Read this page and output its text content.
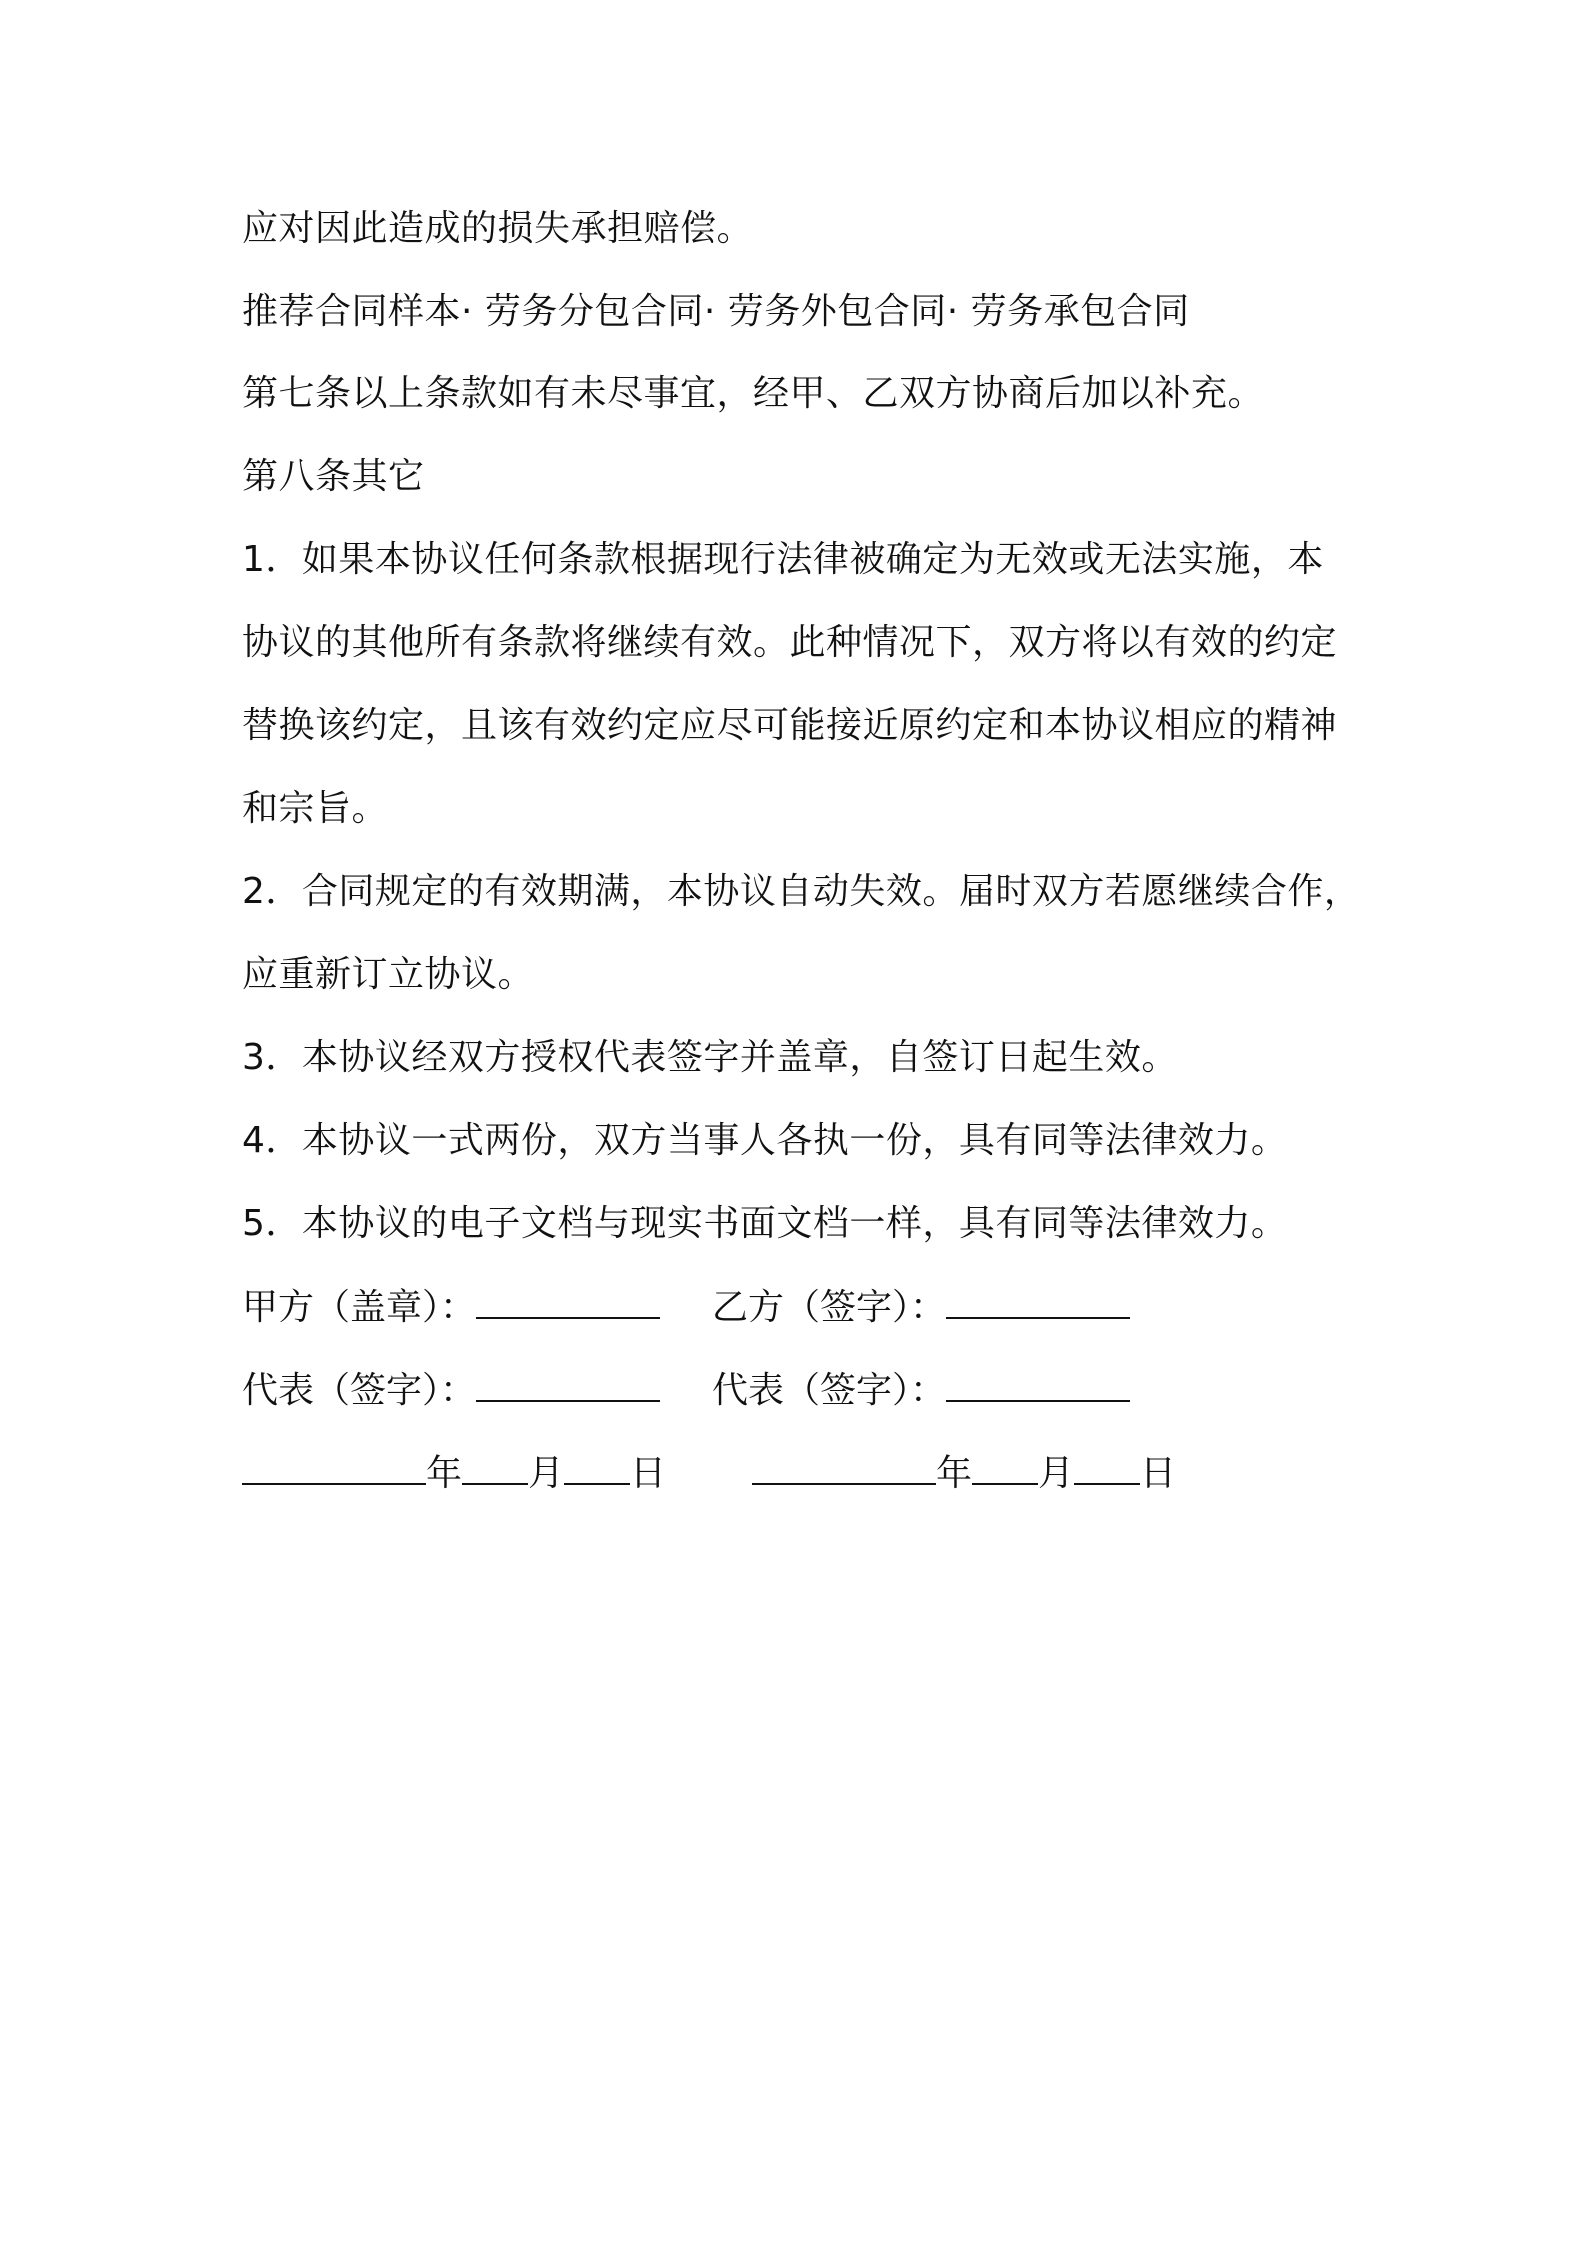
应对因此造成的损失承担赔偿。
推荐合同样本· 劳务分包合同· 劳务外包合同· 劳务承包合同
第七条以上条款如有未尽事宜，经甲、乙双方协商后加以补充。
第八条其它
1．如果本协议任何条款根据现行法律被确定为无效或无法实施，本
协议的其他所有条款将继续有效。此种情况下，双方将以有效的约定
替换该约定，且该有效约定应尽可能接近原约定和本协议相应的精神
和宗旨。
2．合同规定的有效期满，本协议自动失效。届时双方若愿继续合作，
应重新订立协议。
3．本协议经双方授权代表签字并盖章，自签订日起生效。
4．本协议一式两份，双方当事人各执一份，具有同等法律效力。
5．本协议的电子文档与现实书面文档一样，具有同等法律效力。
甲方（盖章）：	乙方（签字）：
代表（签字）：	代表（签字）：
年 月 日	年 月 日
